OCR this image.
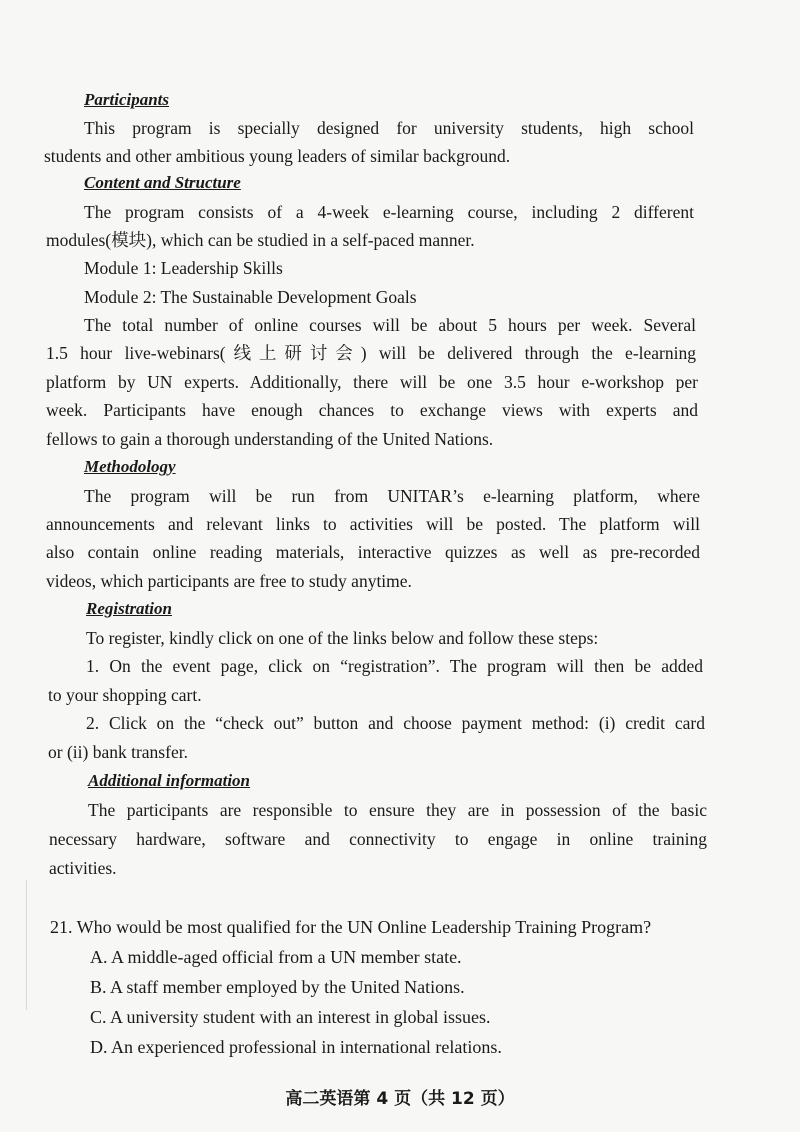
Participants
This program is specially designed for university students, high school
students and other ambitious young leaders of similar background.
Content and Structure
The program consists of a 4-week e-learning course, including 2 different
modules(模块), which can be studied in a self-paced manner.
Module 1: Leadership Skills
Module 2: The Sustainable Development Goals
The total number of online courses will be about 5 hours per week. Several
1.5 hour live-webinars(线上研讨会) will be delivered through the e-learning
platform by UN experts. Additionally, there will be one 3.5 hour e-workshop per
week. Participants have enough chances to exchange views with experts and
fellows to gain a thorough understanding of the United Nations.
Methodology
The program will be run from UNITAR’s e-learning platform, where
announcements and relevant links to activities will be posted. The platform will
also contain online reading materials, interactive quizzes as well as pre-recorded
videos, which participants are free to study anytime.
Registration
To register, kindly click on one of the links below and follow these steps:
1. On the event page, click on “registration”. The program will then be added
to your shopping cart.
2. Click on the “check out” button and choose payment method: (i) credit card
or (ii) bank transfer.
Additional information
The participants are responsible to ensure they are in possession of the basic
necessary hardware, software and connectivity to engage in online training
activities.
21. Who would be most qualified for the UN Online Leadership Training Program?
A. A middle-aged official from a UN member state.
B. A staff member employed by the United Nations.
C. A university student with an interest in global issues.
D. An experienced professional in international relations.
高二英语第 4 页（共 12 页）
